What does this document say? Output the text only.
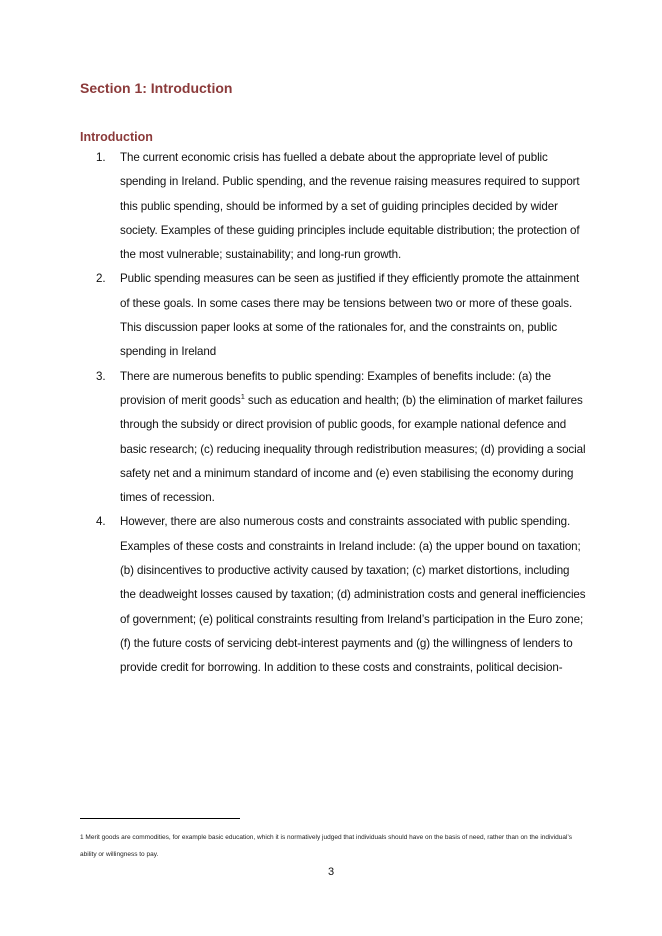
Section 1: Introduction
Introduction
1. The current economic crisis has fuelled a debate about the appropriate level of public spending in Ireland. Public spending, and the revenue raising measures required to support this public spending, should be informed by a set of guiding principles decided by wider society. Examples of these guiding principles include equitable distribution; the protection of the most vulnerable; sustainability; and long-run growth.
2. Public spending measures can be seen as justified if they efficiently promote the attainment of these goals. In some cases there may be tensions between two or more of these goals. This discussion paper looks at some of the rationales for, and the constraints on, public spending in Ireland
3. There are numerous benefits to public spending: Examples of benefits include: (a) the provision of merit goods$^1$ such as education and health; (b) the elimination of market failures through the subsidy or direct provision of public goods, for example national defence and basic research; (c) reducing inequality through redistribution measures; (d) providing a social safety net and a minimum standard of income and (e) even stabilising the economy during times of recession.
4. However, there are also numerous costs and constraints associated with public spending. Examples of these costs and constraints in Ireland include: (a) the upper bound on taxation; (b) disincentives to productive activity caused by taxation; (c) market distortions, including the deadweight losses caused by taxation; (d) administration costs and general inefficiencies of government; (e) political constraints resulting from Ireland’s participation in the Euro zone; (f) the future costs of servicing debt-interest payments and (g) the willingness of lenders to provide credit for borrowing. In addition to these costs and constraints, political decision-

1 Merit goods are commodities, for example basic education, which it is normatively judged that individuals should have on the basis of need, rather than on the individual’s ability or willingness to pay.

3
